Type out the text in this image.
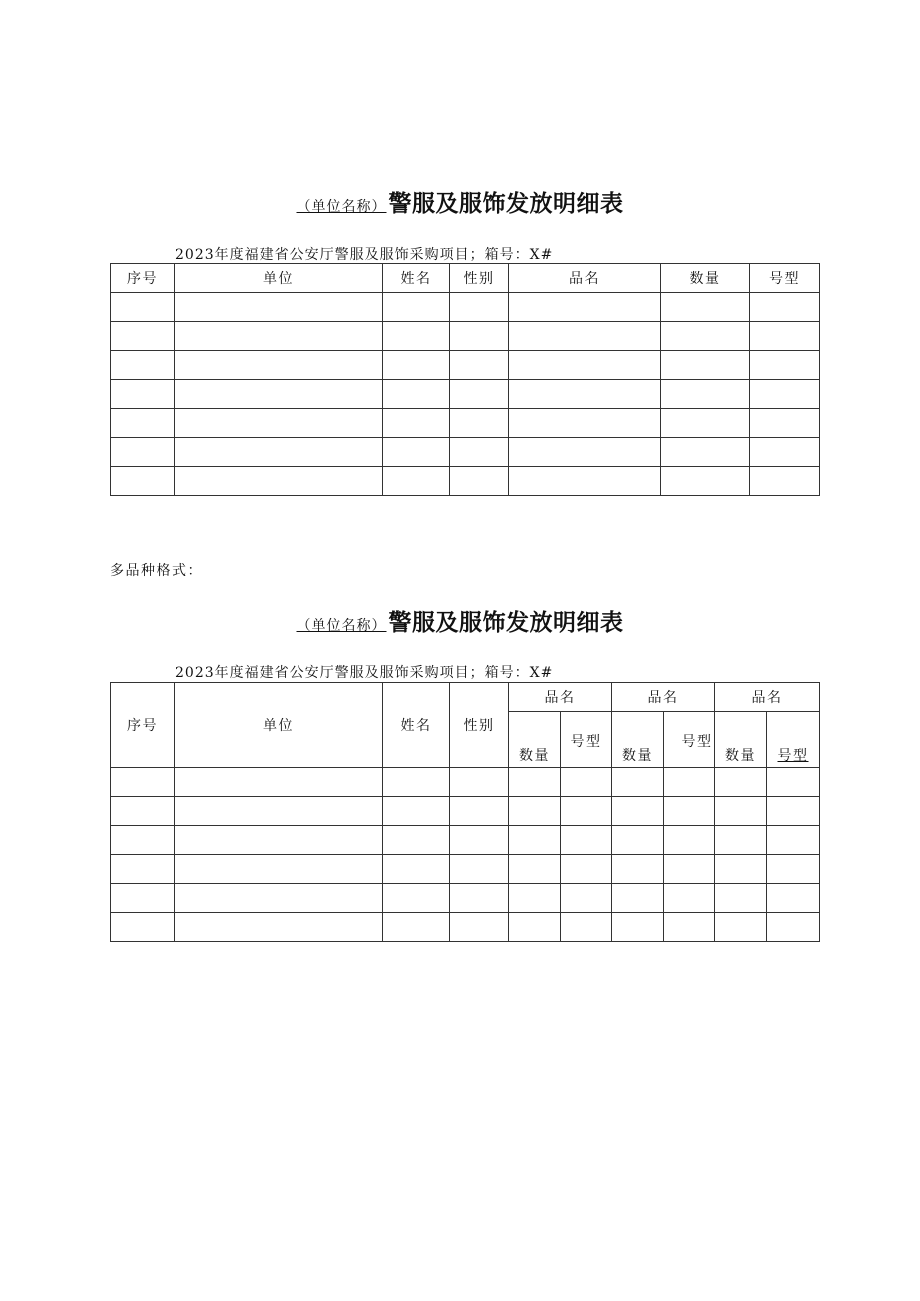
（单位名称）警服及服饰发放明细表
2023年度福建省公安厅警服及服饰采购项目；箱号：X#
序号	单位	姓名	性别	品名	数量	号型

多品种格式：
（单位名称）警服及服饰发放明细表
2023年度福建省公安厅警服及服饰采购项目；箱号：X#
序号	单位	姓名	性别	品名		品名		品名	
				数量	号型	数量	号型	数量	号型
